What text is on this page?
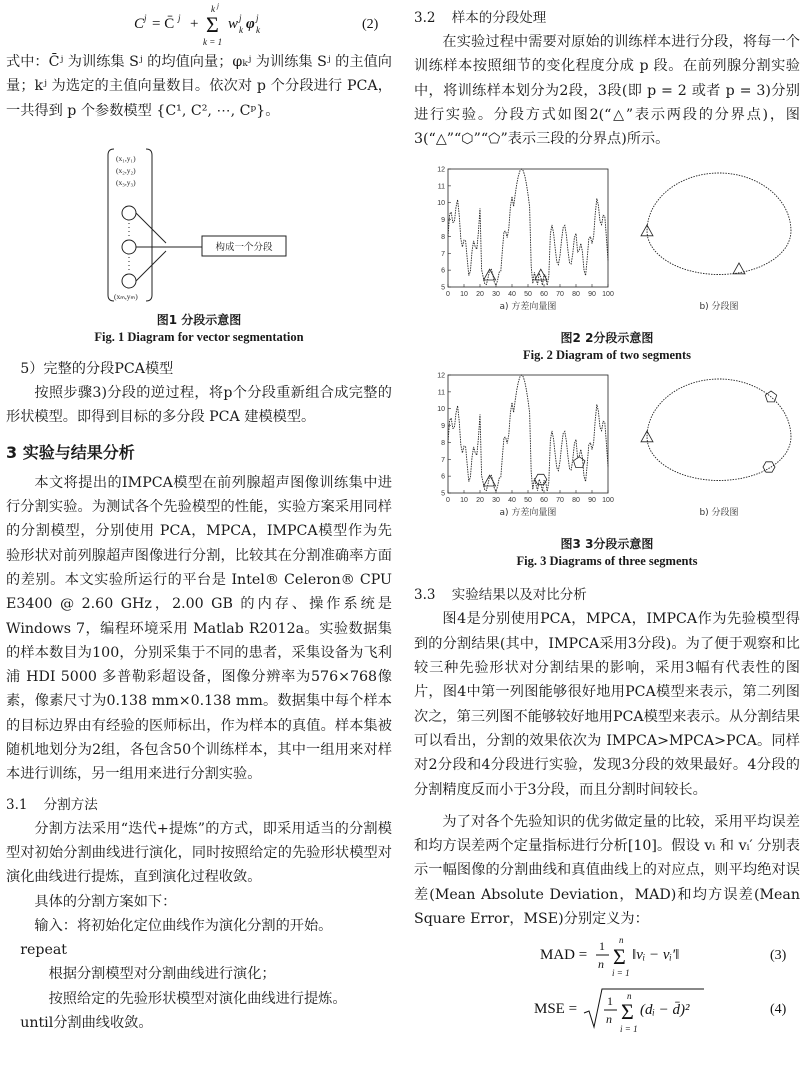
C j = C̄ j + Σ
k j
k = 1
w j
k φ j
k	(2)

式中：C̄ʲ 为训练集 Sʲ 的均值向量；φₖʲ 为训练集 Sʲ 的主值向量；kʲ 为选定的主值向量数目。依次对 p 个分段进行 PCA，一共得到 p 个参数模型 {C¹, C², ⋯, Cᵖ}。

(x₁,y₁)
(x₂,y₂)
(x₃,y₃)
(xₘ,yₘ)
构成一个分段

图1 分段示意图

Fig. 1 Diagram for vector segmentation

5）完整的分段PCA模型

按照步骤3)分段的逆过程，将p个分段重新组合成完整的形状模型。即得到目标的多分段 PCA 建模模型。

3 实验与结果分析

本文将提出的IMPCA模型在前列腺超声图像训练集中进行分割实验。为测试各个先验模型的性能，实验方案采用同样的分割模型，分别使用 PCA，MPCA，IMPCA模型作为先验形状对前列腺超声图像进行分割，比较其在分割准确率方面的差别。本文实验所运行的平台是 Intel® Celeron® CPU E3400 @ 2.60 GHz，2.00 GB 的内存、操作系统是 Windows 7，编程环境采用 Matlab R2012a。实验数据集的样本数目为100，分别采集于不同的患者，采集设备为飞利浦 HDI 5000 多普勒彩超设备，图像分辨率为576×768像素，像素尺寸为0.138 mm×0.138 mm。数据集中每个样本的目标边界由有经验的医师标出，作为样本的真值。样本集被随机地划分为2组，各包含50个训练样本，其中一组用来对样本进行训练，另一组用来进行分割实验。

3.1 分割方法

分割方法采用“迭代+提炼”的方式，即采用适当的分割模型对初始分割曲线进行演化，同时按照给定的先验形状模型对演化曲线进行提炼，直到演化过程收敛。

具体的分割方案如下：

输入：将初始化定位曲线作为演化分割的开始。

repeat

根据分割模型对分割曲线进行演化；

按照给定的先验形状模型对演化曲线进行提炼。

until分割曲线收敛。

3.2 样本的分段处理

在实验过程中需要对原始的训练样本进行分段，将每一个训练样本按照细节的变化程度分成 p 段。在前列腺分割实验中，将训练样本划分为2段，3段(即 p = 2 或者 p = 3)分别进行实验。分段方式如图2(“△”表示两段的分界点)，图3(“△”“⬡”“⬠”表示三段的分界点)所示。

12
11
10
9
8
7
6
5
0 10 20 30 40 50 60 70 80 90 100
a) 方差向量图	b) 分段图

图2 2分段示意图

Fig. 2 Diagram of two segments

12
11
10
9
8
7
6
5
0 10 20 30 40 50 60 70 80 90 100
a) 方差向量图	b) 分段图

图3 3分段示意图

Fig. 3 Diagrams of three segments

3.3 实验结果以及对比分析

图4是分别使用PCA，MPCA，IMPCA作为先验模型得到的分割结果(其中，IMPCA采用3分段)。为了便于观察和比较三种先验形状对分割结果的影响，采用3幅有代表性的图片，图4中第一列图能够很好地用PCA模型来表示，第二列图次之，第三列图不能够较好地用PCA模型来表示。从分割结果可以看出，分割的效果依次为 IMPCA>MPCA>PCA。同样对2分段和4分段进行实验，发现3分段的效果最好。4分段的分割精度反而小于3分段，而且分割时间较长。

为了对各个先验知识的优劣做定量的比较，采用平均误差和均方误差两个定量指标进行分析[10]。假设 vᵢ 和 vᵢ′ 分别表示一幅图像的分割曲线和真值曲线上的对应点，则平均绝对误差(Mean Absolute Deviation，MAD)和均方误差(Mean Square Error，MSE)分别定义为：

MAD =
1
n Σ
n
i = 1
‖vᵢ − vᵢ′‖	(3)
MSE = 1
n Σ
n
i = 1
(dᵢ − d̄)²	(4)
